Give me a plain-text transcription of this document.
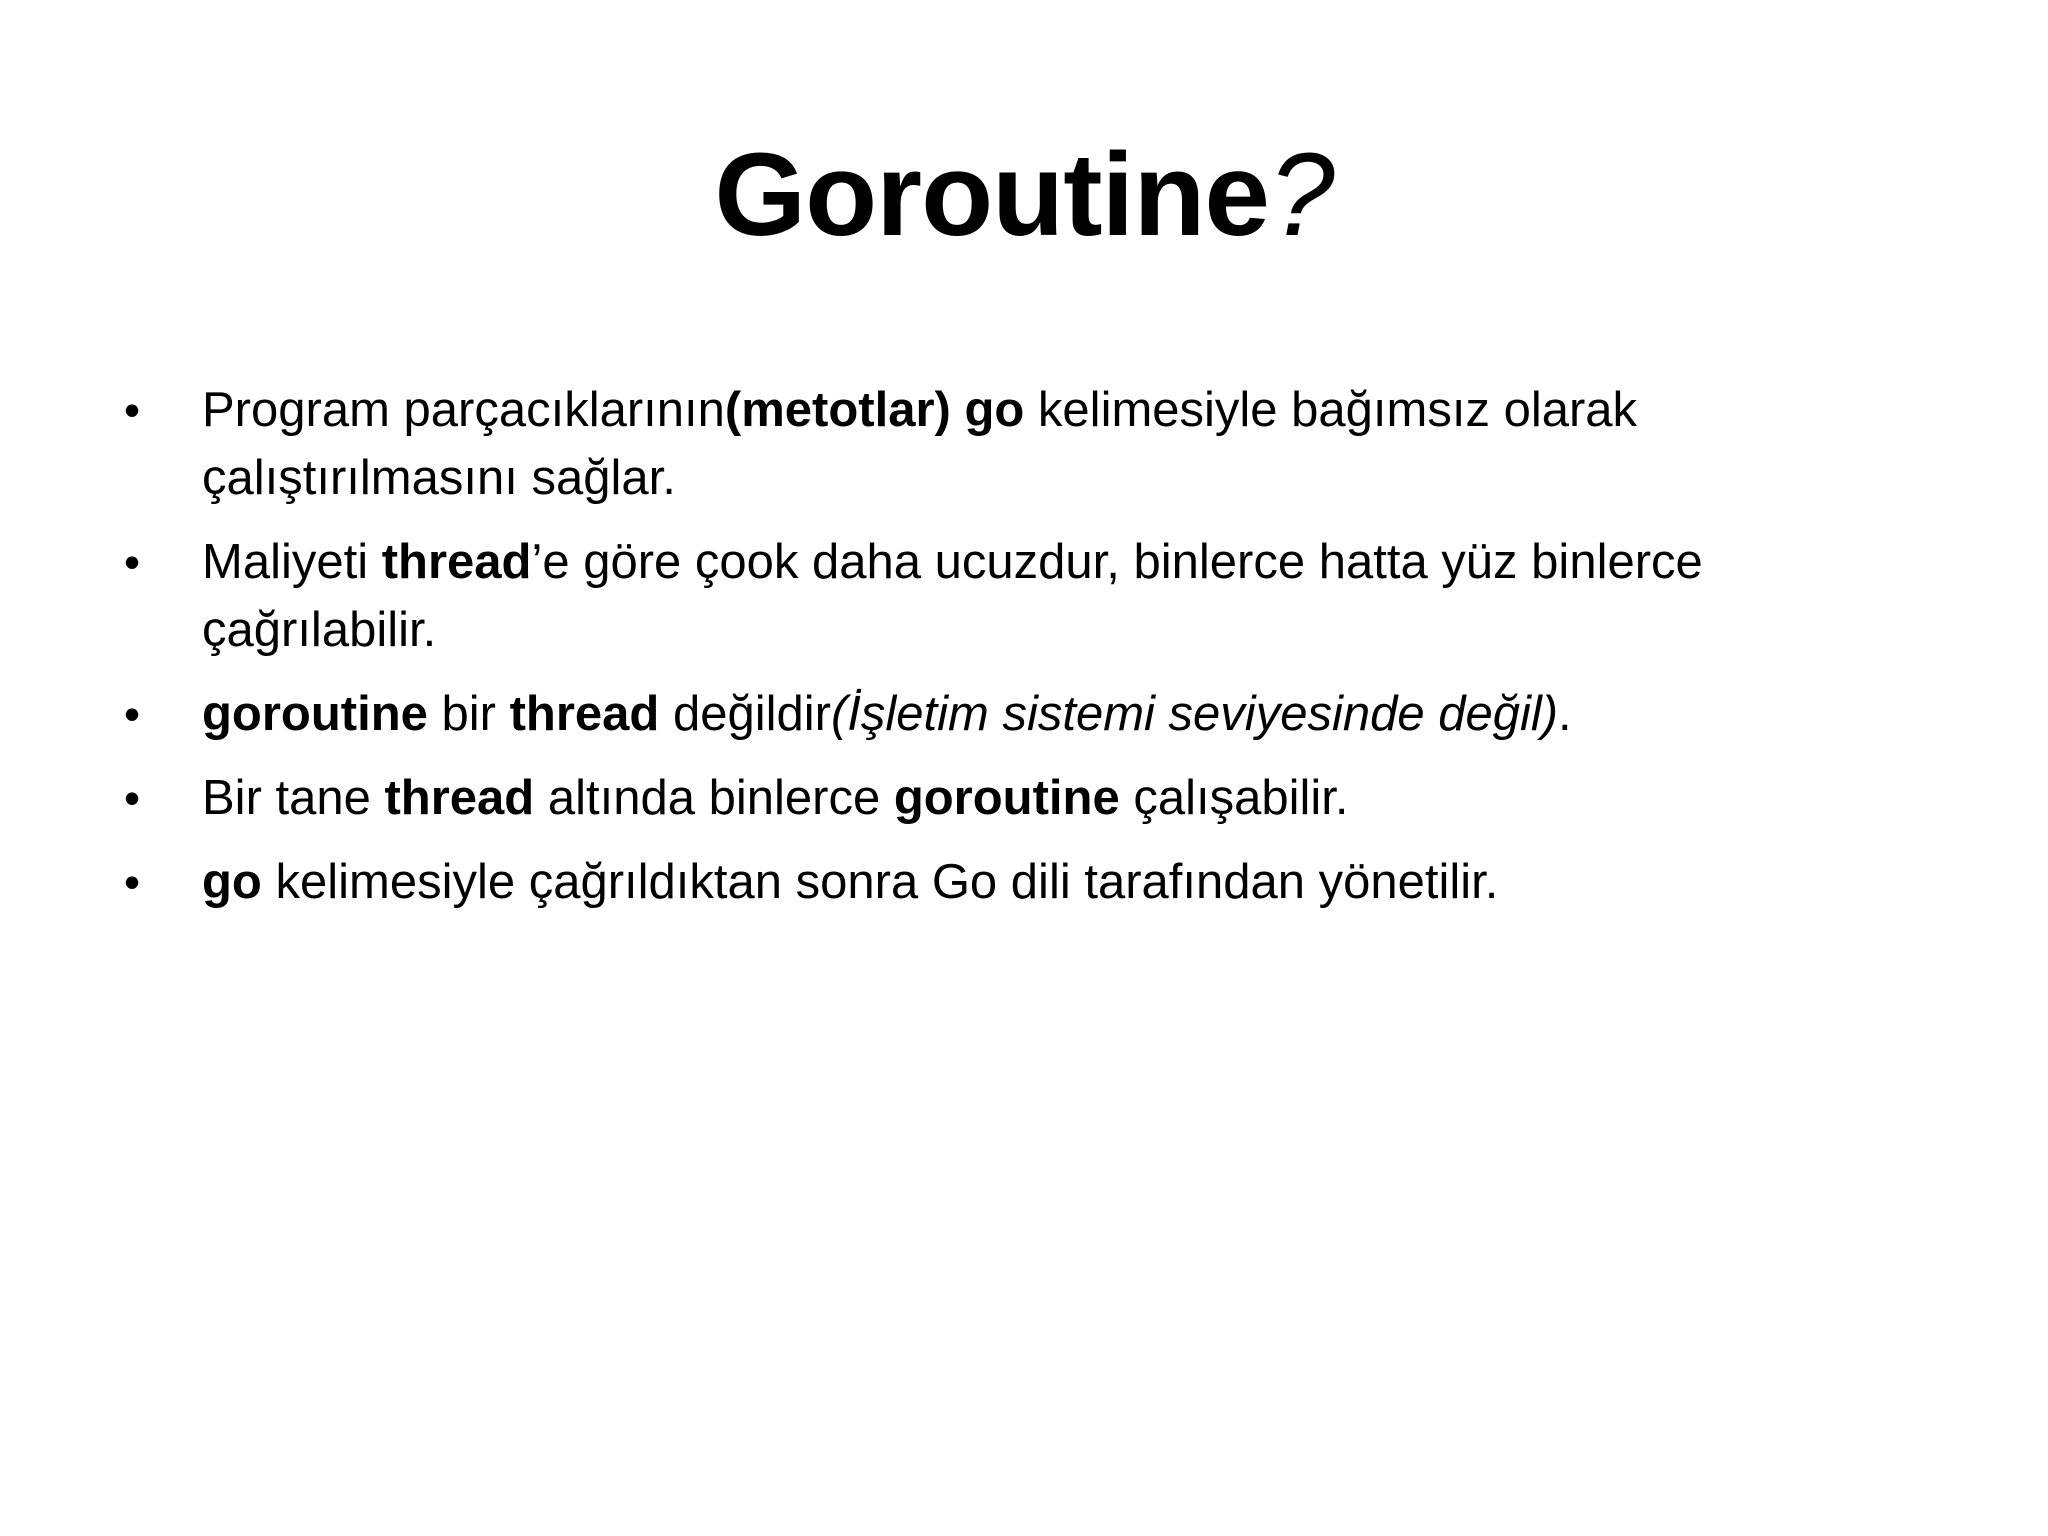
Goroutine?
•	Program parçacıklarının(metotlar) go kelimesiyle bağımsız olarak çalıştırılmasını sağlar.
•	Maliyeti thread’e göre çook daha ucuzdur, binlerce hatta yüz binlerce çağrılabilir.
•	goroutine bir thread değildir(İşletim sistemi seviyesinde değil).
•	Bir tane thread altında binlerce goroutine çalışabilir.
•	go kelimesiyle çağrıldıktan sonra Go dili tarafından yönetilir.
